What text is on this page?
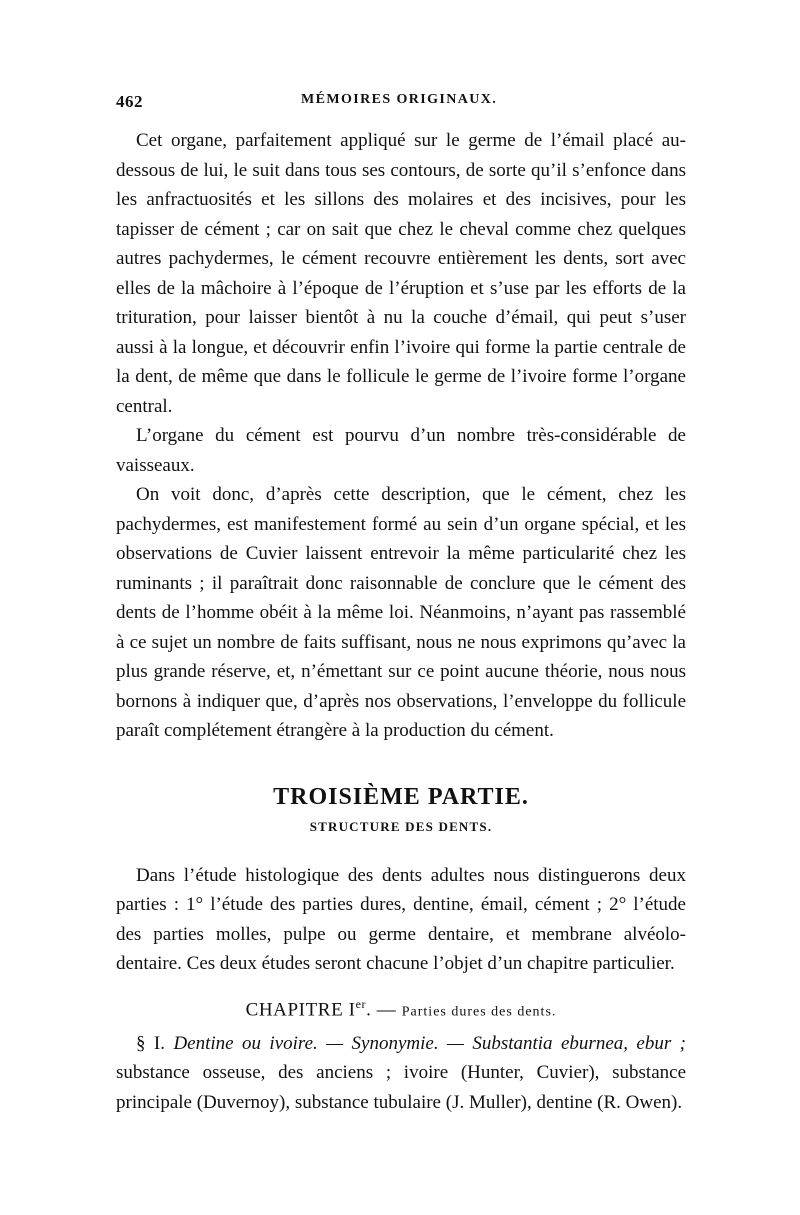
462	MÉMOIRES ORIGINAUX.

Cet organe, parfaitement appliqué sur le germe de l’émail placé au-dessous de lui, le suit dans tous ses contours, de sorte qu’il s’enfonce dans les anfractuosités et les sillons des molaires et des incisives, pour les tapisser de cément ; car on sait que chez le cheval comme chez quelques autres pachydermes, le cément recouvre entièrement les dents, sort avec elles de la mâchoire à l’époque de l’éruption et s’use par les efforts de la trituration, pour laisser bientôt à nu la couche d’émail, qui peut s’user aussi à la longue, et découvrir enfin l’ivoire qui forme la partie centrale de la dent, de même que dans le follicule le germe de l’ivoire forme l’organe central.

L’organe du cément est pourvu d’un nombre très-considérable de vaisseaux.

On voit donc, d’après cette description, que le cément, chez les pachydermes, est manifestement formé au sein d’un organe spécial, et les observations de Cuvier laissent entrevoir la même particularité chez les ruminants ; il paraîtrait donc raisonnable de conclure que le cément des dents de l’homme obéit à la même loi. Néanmoins, n’ayant pas rassemblé à ce sujet un nombre de faits suffisant, nous ne nous exprimons qu’avec la plus grande réserve, et, n’émettant sur ce point aucune théorie, nous nous bornons à indiquer que, d’après nos observations, l’enveloppe du follicule paraît complétement étrangère à la production du cément.

TROISIÈME PARTIE.
STRUCTURE DES DENTS.

Dans l’étude histologique des dents adultes nous distinguerons deux parties : 1° l’étude des parties dures, dentine, émail, cément ; 2° l’étude des parties molles, pulpe ou germe dentaire, et membrane alvéolo-dentaire. Ces deux études seront chacune l’objet d’un chapitre particulier.

CHAPITRE Ier. — Parties dures des dents.

§ I. Dentine ou ivoire. — Synonymie. — Substantia eburnea, ebur ; substance osseuse, des anciens ; ivoire (Hunter, Cuvier), substance principale (Duvernoy), substance tubulaire (J. Muller), dentine (R. Owen).
